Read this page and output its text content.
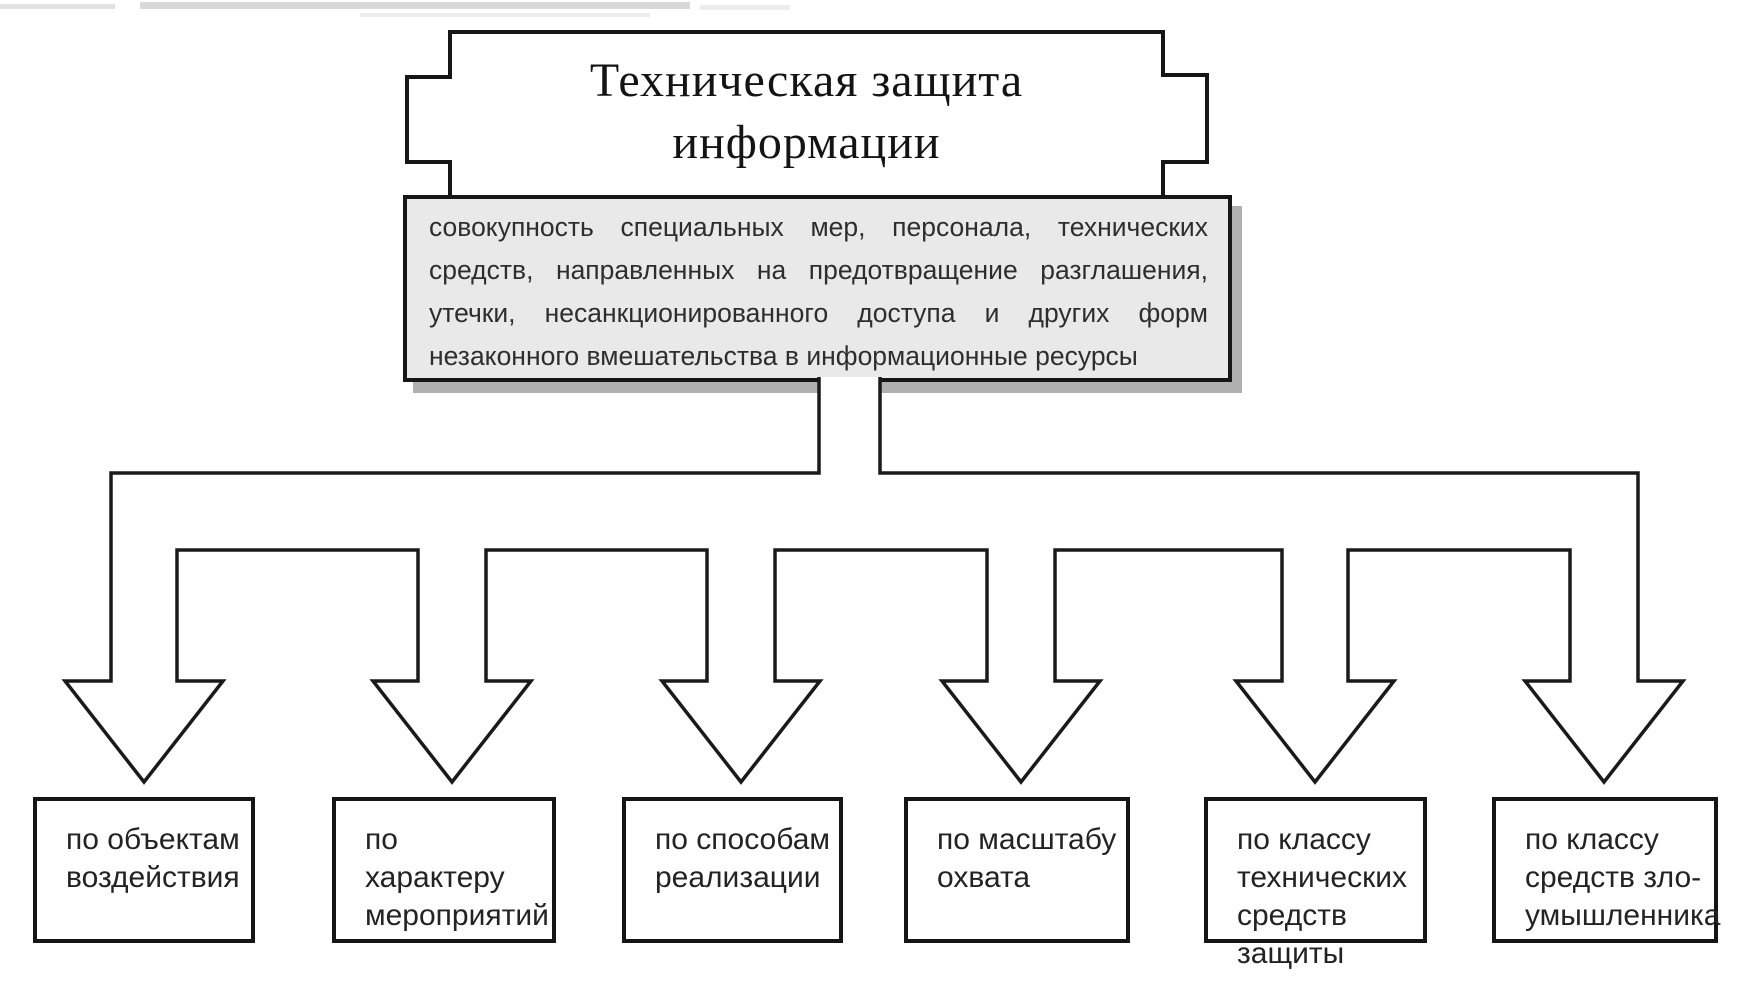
Техническая защита
информации
совокупность специальных мер, персонала, технических
средств, направленных на предотвращение разглашения,
утечки, несанкционированного доступа и других форм
незаконного вмешательства в информационные ресурсы
по объектам
воздействия
по характеру
мероприятий
по способам
реализации
по масштабу
охвата
по классу
технических
средств защиты
по классу
средств зло-
умышленника
